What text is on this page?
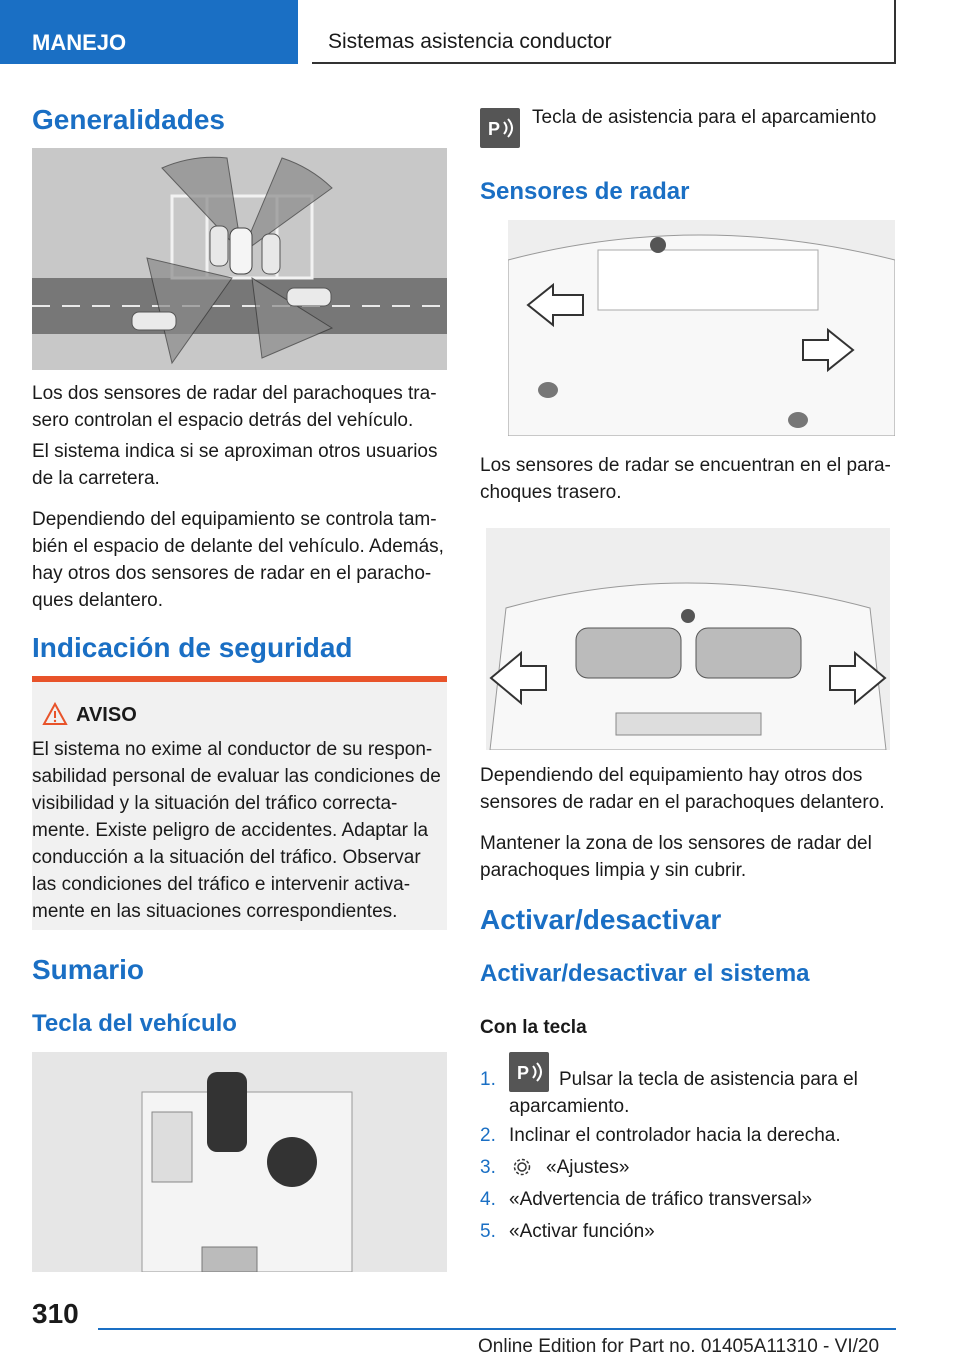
MANEJO	Sistemas asistencia conductor
Generalidades

Los dos sensores de radar del parachoques tra-sero controlan el espacio detrás del vehículo.

El sistema indica si se aproximan otros usuarios de la carretera.

Dependiendo del equipamiento se controla tam-bién el espacio de delante del vehículo. Además, hay otros dos sensores de radar en el paracho-ques delantero.

Indicación de seguridad
AVISO
El sistema no exime al conductor de su respon-sabilidad personal de evaluar las condiciones de visibilidad y la situación del tráfico correcta-mente. Existe peligro de accidentes. Adaptar la conducción a la situación del tráfico. Observar las condiciones del tráfico e intervenir activa-mente en las situaciones correspondientes.
Sumario
Tecla del vehículo
P

Tecla de asistencia para el aparcamiento

Sensores de radar

Los sensores de radar se encuentran en el para-choques trasero.

Dependiendo del equipamiento hay otros dos sensores de radar en el parachoques delantero.

Mantener la zona de los sensores de radar del parachoques limpia y sin cubrir.

Activar/desactivar
Activar/desactivar el sistema

Con la tecla

1. P	Pulsar la tecla de asistencia para el aparcamiento.
2. Inclinar el controlador hacia la derecha.
3.	«Ajustes»
4. «Advertencia de tráfico transversal»
5. «Activar función»
310
Online Edition for Part no. 01405A11310 - VI/20
